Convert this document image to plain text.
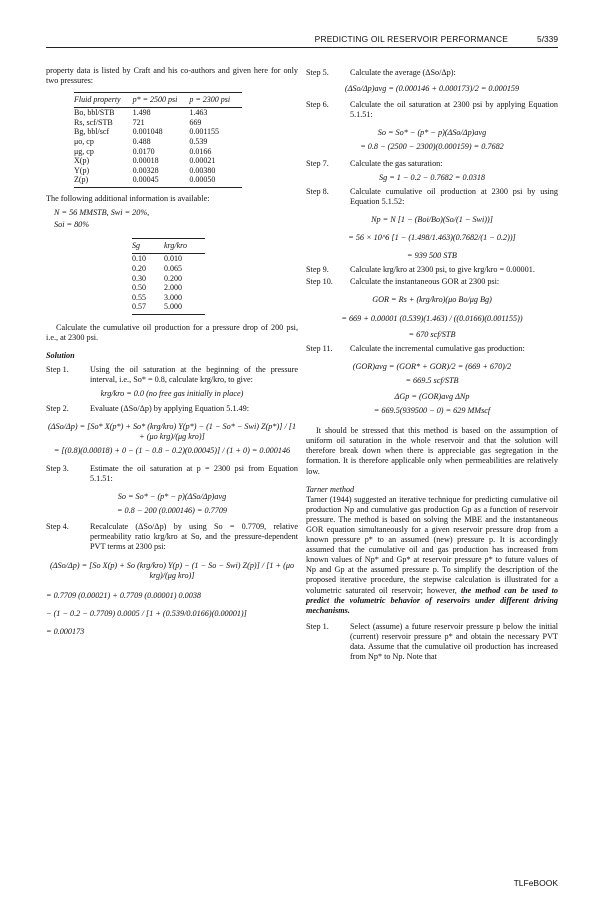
PREDICTING OIL RESERVOIR PERFORMANCE	5/339

property data is listed by Craft and his co-authors and given here for only two pressures:

Fluid property	p* = 2500 psi	p = 2300 psi
Bo, bbl/STB	1.498	1.463
Rs, scf/STB	721	669
Bg, bbl/scf	0.001048	0.001155
μo, cp	0.488	0.539
μg, cp	0.0170	0.0166
X(p)	0.00018	0.00021
Y(p)	0.00328	0.00380
Z(p)	0.00045	0.00050

The following additional information is available:

N = 56 MMSTB, Swi = 20%,

Soi = 80%

Sg	krg/kro
0.10	0.010
0.20	0.065
0.30	0.200
0.50	2.000
0.55	3.000
0.57	5.000

Calculate the cumulative oil production for a pressure drop of 200 psi, i.e., at 2300 psi.

Solution
Step 1.	Using the oil saturation at the beginning of the pressure interval, i.e., So* = 0.8, calculate krg/kro, to give:
krg/kro = 0.0 (no free gas initially in place)
Step 2.	Evaluate (ΔSo/Δp) by applying Equation 5.1.49:
(ΔSo/Δp) = [So* X(p*) + So* (krg/kro) Y(p*) − (1 − So* − Swi) Z(p*)] / [1 + (μo krg)/(μg kro)]
= [(0.8)(0.00018) + 0 − (1 − 0.8 − 0.2)(0.00045)] / (1 + 0) = 0.000146
Step 3.	Estimate the oil saturation at p = 2300 psi from Equation 5.1.51:
So = So* − (p* − p)(ΔSo/Δp)avg
= 0.8 − 200 (0.000146) = 0.7709
Step 4.	Recalculate (ΔSo/Δp) by using So = 0.7709, relative permeability ratio krg/kro at So, and the pressure-dependent PVT terms at 2300 psi:
(ΔSo/Δp) = [So X(p) + So (krg/kro) Y(p) − (1 − So − Swi) Z(p)] / [1 + (μo krg)/(μg kro)]
= 0.7709 (0.00021) + 0.7709 (0.00001) 0.0038
− (1 − 0.2 − 0.7709) 0.0005 / [1 + (0.539/0.0166)(0.00001)]
= 0.000173
Step 5.	Calculate the average (ΔSo/Δp):
(ΔSo/Δp)avg = (0.000146 + 0.000173)/2 = 0.000159
Step 6.	Calculate the oil saturation at 2300 psi by applying Equation 5.1.51:
So = So* − (p* − p)(ΔSo/Δp)avg
= 0.8 − (2500 − 2300)(0.000159) = 0.7682
Step 7.	Calculate the gas saturation:
Sg = 1 − 0.2 − 0.7682 = 0.0318
Step 8.	Calculate cumulative oil production at 2300 psi by using Equation 5.1.52:
Np = N [1 − (Boi/Bo)(So/(1 − Swi))]
= 56 × 10^6 [1 − (1.498/1.463)(0.7682/(1 − 0.2))]
= 939 500 STB
Step 9.	Calculate krg/kro at 2300 psi, to give krg/kro = 0.00001.
Step 10.	Calculate the instantaneous GOR at 2300 psi:
GOR = Rs + (krg/kro)(μo Bo/μg Bg)
= 669 + 0.00001 (0.539)(1.463) / ((0.0166)(0.001155))
= 670 scf/STB
Step 11.	Calculate the incremental cumulative gas production:
(GOR)avg = (GOR* + GOR)/2 = (669 + 670)/2
= 669.5 scf/STB
ΔGp = (GOR)avg ΔNp
= 669.5(939500 − 0) = 629 MMscf

It should be stressed that this method is based on the assumption of uniform oil saturation in the whole reservoir and that the solution will therefore break down when there is appreciable gas segregation in the formation. It is therefore applicable only when permeabilities are relatively low.

Tarner method

Tarner (1944) suggested an iterative technique for predicting cumulative oil production Np and cumulative gas production Gp as a function of reservoir pressure. The method is based on solving the MBE and the instantaneous GOR equation simultaneously for a given reservoir pressure drop from a known pressure p* to an assumed (new) pressure p. It is accordingly assumed that the cumulative oil and gas production has increased from known values of Np* and Gp* at reservoir pressure p* to future values of Np and Gp at the assumed pressure p. To simplify the description of the proposed iterative procedure, the stepwise calculation is illustrated for a volumetric saturated oil reservoir; however, the method can be used to predict the volumetric behavior of reservoirs under different driving mechanisms.

Step 1.	Select (assume) a future reservoir pressure p below the initial (current) reservoir pressure p* and obtain the necessary PVT data. Assume that the cumulative oil production has increased from Np* to Np. Note that
TLFeBOOK
